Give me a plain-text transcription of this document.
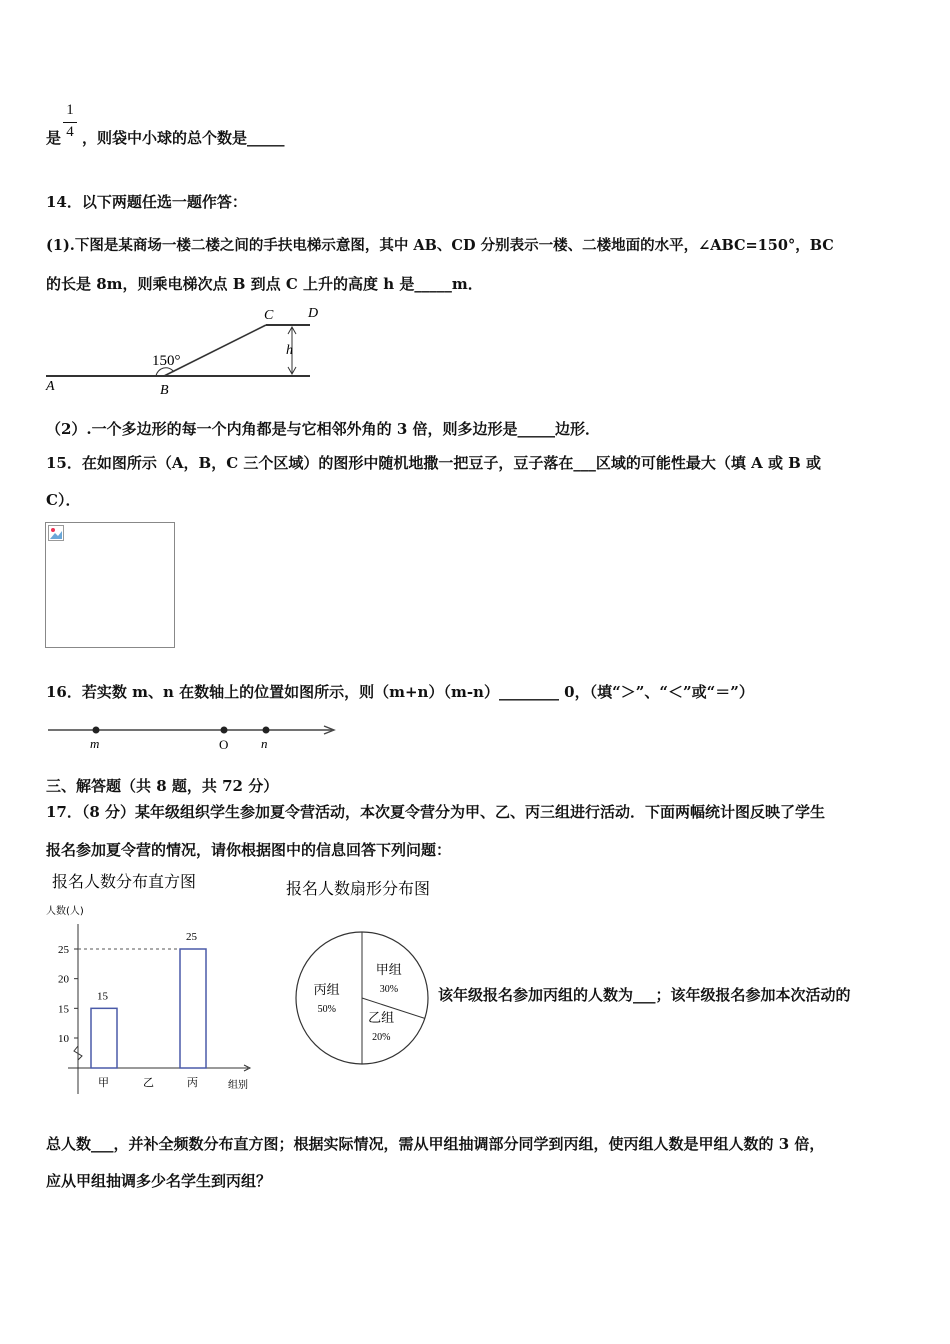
1
4
是 ，则袋中小球的总个数是_____
14．以下两题任选一题作答：
(1).下图是某商场一楼二楼之间的手扶电梯示意图，其中 AB、CD 分别表示一楼、二楼地面的水平，∠ABC=150°，BC
的长是 8m，则乘电梯次点 B 到点 C 上升的高度 h 是_____m．
A	B
C D
h
150°
（2）.一个多边形的每一个内角都是与它相邻外角的 3 倍，则多边形是_____边形．
15．在如图所示（A，B，C 三个区域）的图形中随机地撒一把豆子，豆子落在___区域的可能性最大（填 A 或 B 或
C）．
16．若实数 m、n 在数轴上的位置如图所示，则（m+n）（m-n）________ 0，（填“＞”、“＜”或“＝”）
m	O	n
三、解答题（共 8 题，共 72 分）
17．（8 分）某年级组织学生参加夏令营活动，本次夏令营分为甲、乙、丙三组进行活动．下面两幅统计图反映了学生
报名参加夏令营的情况，请你根据图中的信息回答下列问题：
报名人数分布直方图
人数(人)
组别
10
15
20
25
甲
15
乙	丙
25
报名人数扇形分布图
甲组
30%
乙组
20%
丙组
50%
该年级报名参加丙组的人数为___；该年级报名参加本次活动的
总人数___，并补全频数分布直方图；根据实际情况，需从甲组抽调部分同学到丙组，使丙组人数是甲组人数的 3 倍，
应从甲组抽调多少名学生到丙组？
